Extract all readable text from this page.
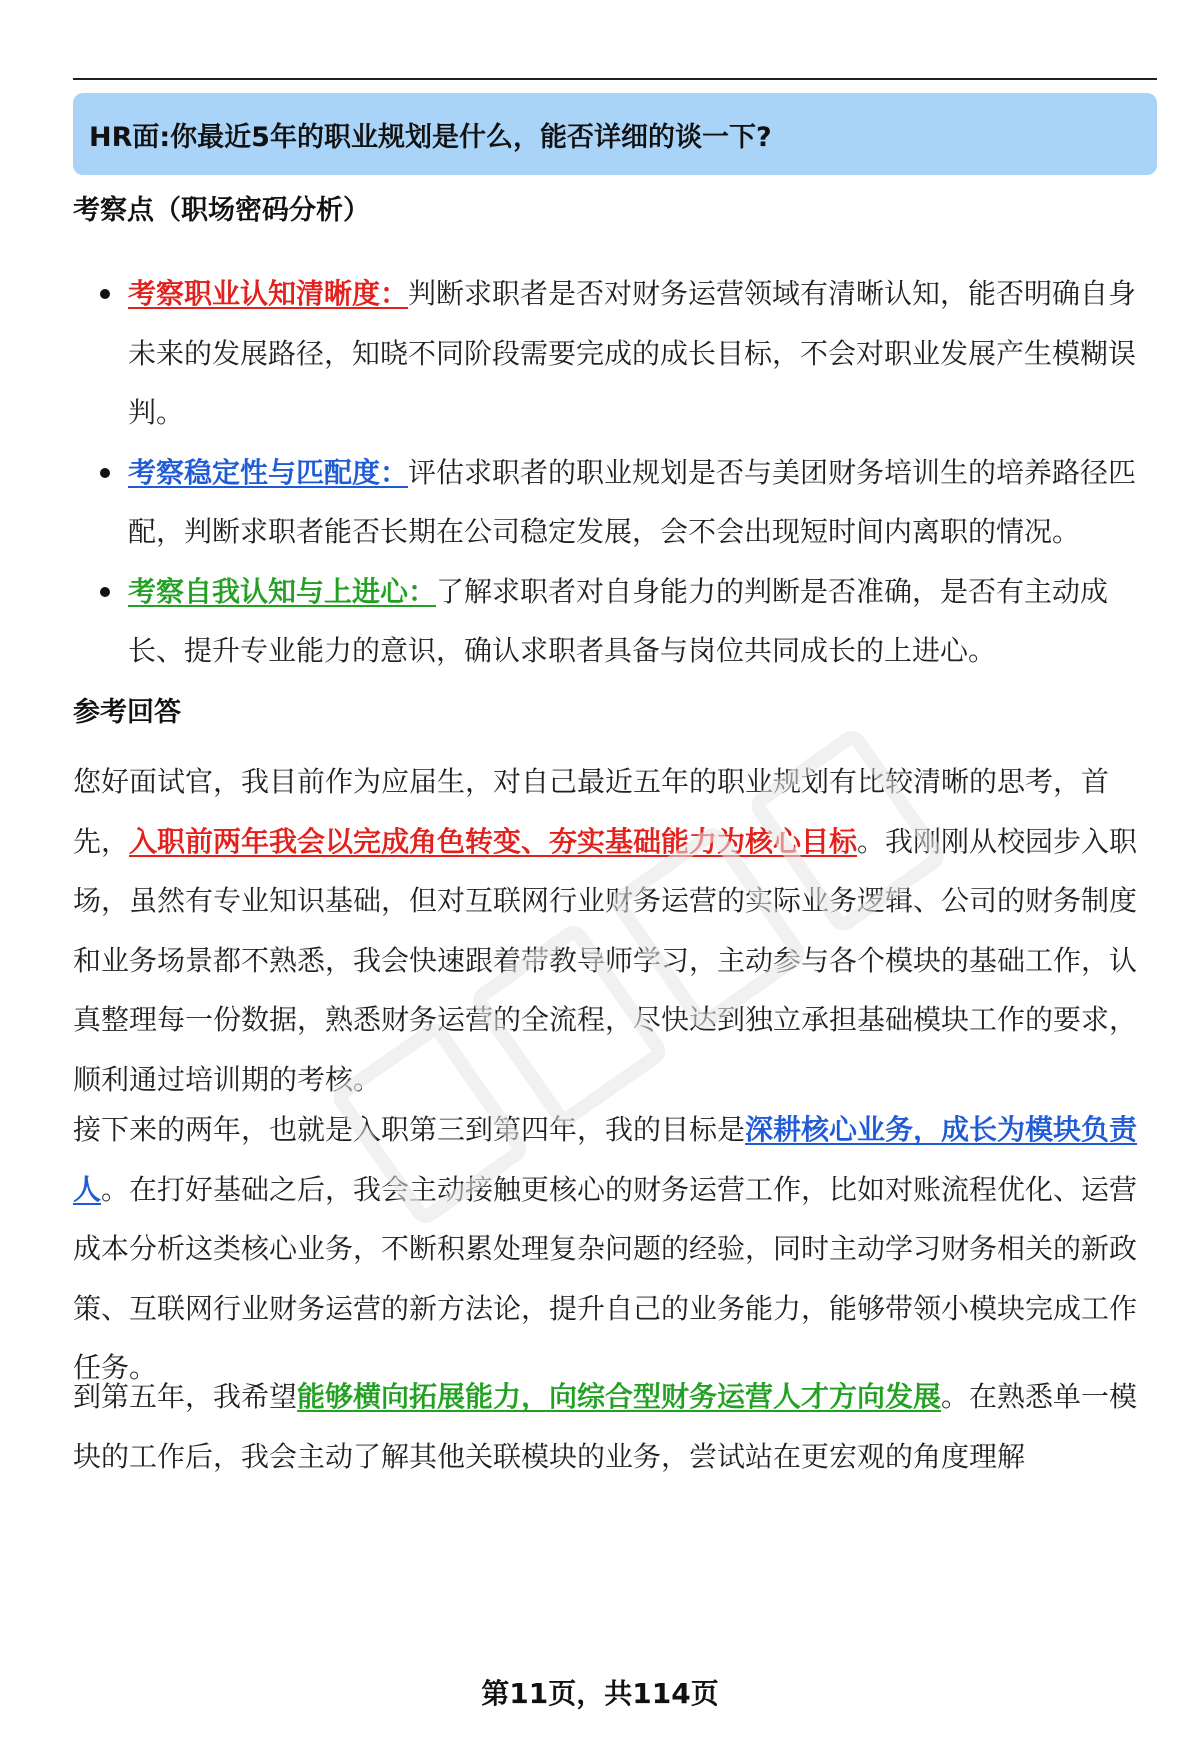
HR面:你最近5年的职业规划是什么，能否详细的谈一下?
考察点（职场密码分析）
考察职业认知清晰度：判断求职者是否对财务运营领域有清晰认知，能否明确自身未来的发展路径，知晓不同阶段需要完成的成长目标，不会对职业发展产生模糊误判。
考察稳定性与匹配度：评估求职者的职业规划是否与美团财务培训生的培养路径匹配，判断求职者能否长期在公司稳定发展，会不会出现短时间内离职的情况。
考察自我认知与上进心：了解求职者对自身能力的判断是否准确，是否有主动成长、提升专业能力的意识，确认求职者具备与岗位共同成长的上进心。
参考回答

您好面试官，我目前作为应届生，对自己最近五年的职业规划有比较清晰的思考，首先，入职前两年我会以完成角色转变、夯实基础能力为核心目标。我刚刚从校园步入职场，虽然有专业知识基础，但对互联网行业财务运营的实际业务逻辑、公司的财务制度和业务场景都不熟悉，我会快速跟着带教导师学习，主动参与各个模块的基础工作，认真整理每一份数据，熟悉财务运营的全流程，尽快达到独立承担基础模块工作的要求，顺利通过培训期的考核。

接下来的两年，也就是入职第三到第四年，我的目标是深耕核心业务，成长为模块负责人。在打好基础之后，我会主动接触更核心的财务运营工作，比如对账流程优化、运营成本分析这类核心业务，不断积累处理复杂问题的经验，同时主动学习财务相关的新政策、互联网行业财务运营的新方法论，提升自己的业务能力，能够带领小模块完成工作任务。

到第五年，我希望能够横向拓展能力，向综合型财务运营人才方向发展。在熟悉单一模块的工作后，我会主动了解其他关联模块的业务，尝试站在更宏观的角度理解

第11页，共114页
